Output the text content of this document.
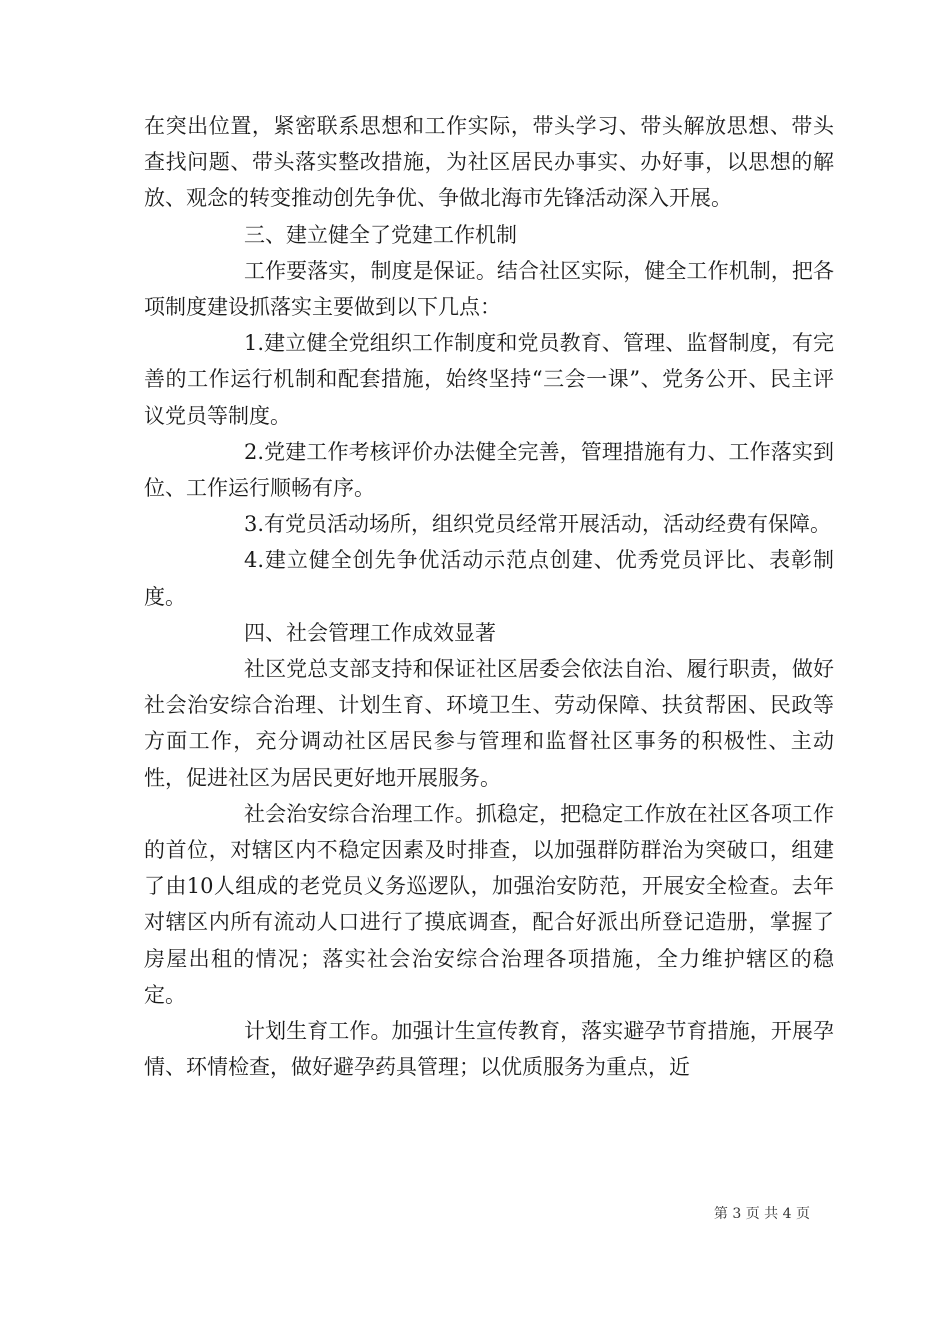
在突出位置，紧密联系思想和工作实际，带头学习、带头解放思想、带头查找问题、带头落实整改措施，为社区居民办事实、办好事，以思想的解放、观念的转变推动创先争优、争做北海市先锋活动深入开展。

三、建立健全了党建工作机制

工作要落实，制度是保证。结合社区实际，健全工作机制，把各项制度建设抓落实主要做到以下几点：

1.建立健全党组织工作制度和党员教育、管理、监督制度，有完善的工作运行机制和配套措施，始终坚持“三会一课”、党务公开、民主评议党员等制度。

2.党建工作考核评价办法健全完善，管理措施有力、工作落实到位、工作运行顺畅有序。

3.有党员活动场所，组织党员经常开展活动，活动经费有保障。

4.建立健全创先争优活动示范点创建、优秀党员评比、表彰制度。

四、社会管理工作成效显著

社区党总支部支持和保证社区居委会依法自治、履行职责，做好社会治安综合治理、计划生育、环境卫生、劳动保障、扶贫帮困、民政等方面工作，充分调动社区居民参与管理和监督社区事务的积极性、主动性，促进社区为居民更好地开展服务。

社会治安综合治理工作。抓稳定，把稳定工作放在社区各项工作的首位，对辖区内不稳定因素及时排查，以加强群防群治为突破口，组建了由10人组成的老党员义务巡逻队，加强治安防范，开展安全检查。去年对辖区内所有流动人口进行了摸底调查，配合好派出所登记造册，掌握了房屋出租的情况；落实社会治安综合治理各项措施，全力维护辖区的稳定。

计划生育工作。加强计生宣传教育，落实避孕节育措施，开展孕情、环情检查，做好避孕药具管理；以优质服务为重点，近

第 3 页 共 4 页
